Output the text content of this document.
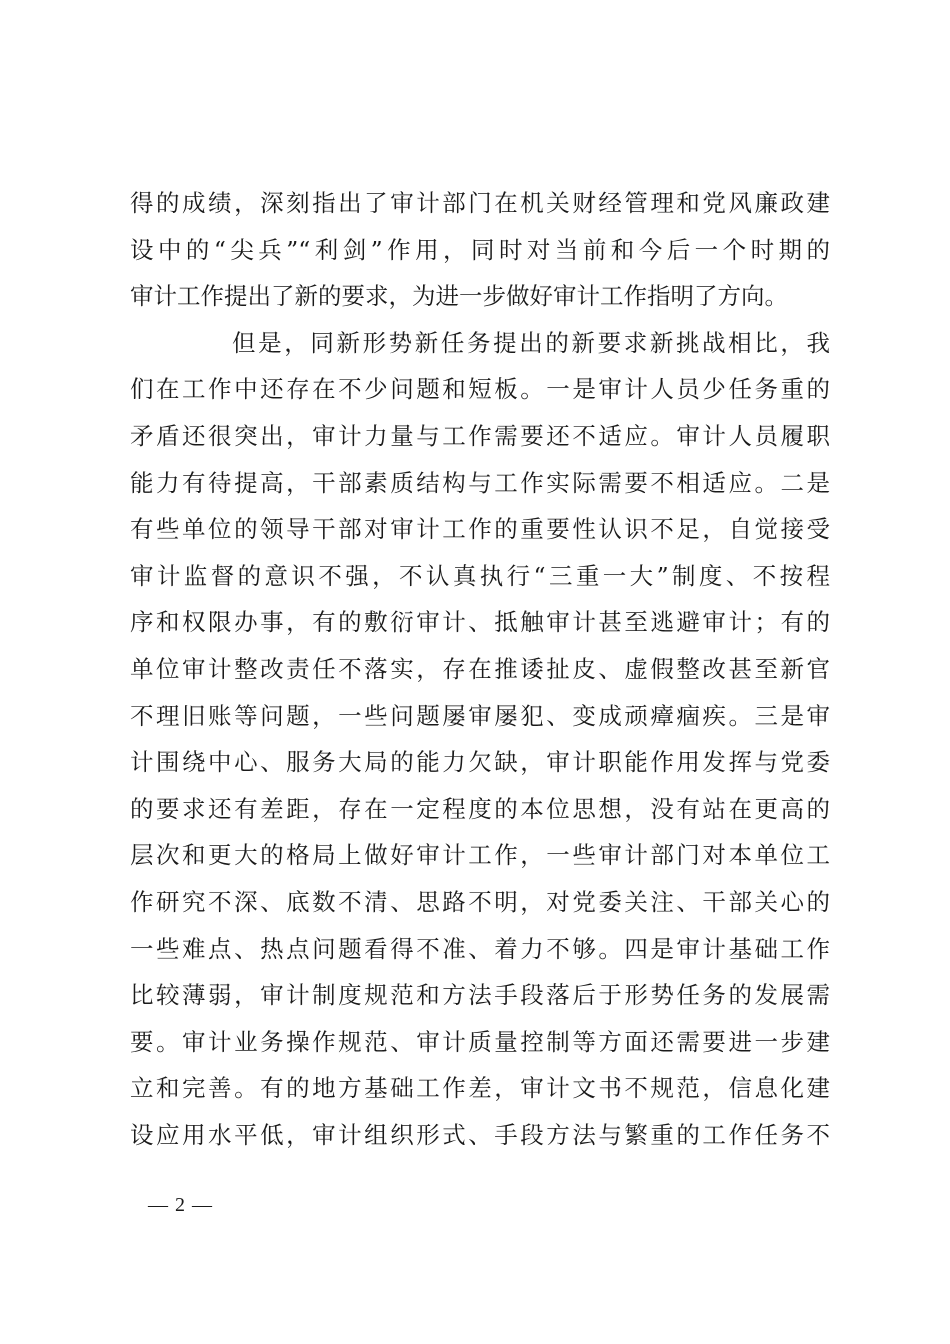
得的成绩，深刻指出了审计部门在机关财经管理和党风廉政建
设中的“尖兵”“利剑”作用，同时对当前和今后一个时期的
审计工作提出了新的要求，为进一步做好审计工作指明了方向。
但是，同新形势新任务提出的新要求新挑战相比，我
们在工作中还存在不少问题和短板。一是审计人员少任务重的
矛盾还很突出，审计力量与工作需要还不适应。审计人员履职
能力有待提高，干部素质结构与工作实际需要不相适应。二是
有些单位的领导干部对审计工作的重要性认识不足，自觉接受
审计监督的意识不强，不认真执行“三重一大”制度、不按程
序和权限办事，有的敷衍审计、抵触审计甚至逃避审计；有的
单位审计整改责任不落实，存在推诿扯皮、虚假整改甚至新官
不理旧账等问题，一些问题屡审屡犯、变成顽瘴痼疾。三是审
计围绕中心、服务大局的能力欠缺，审计职能作用发挥与党委
的要求还有差距，存在一定程度的本位思想，没有站在更高的
层次和更大的格局上做好审计工作，一些审计部门对本单位工
作研究不深、底数不清、思路不明，对党委关注、干部关心的
一些难点、热点问题看得不准、着力不够。四是审计基础工作
比较薄弱，审计制度规范和方法手段落后于形势任务的发展需
要。审计业务操作规范、审计质量控制等方面还需要进一步建
立和完善。有的地方基础工作差，审计文书不规范，信息化建
设应用水平低，审计组织形式、手段方法与繁重的工作任务不
— 2 —
